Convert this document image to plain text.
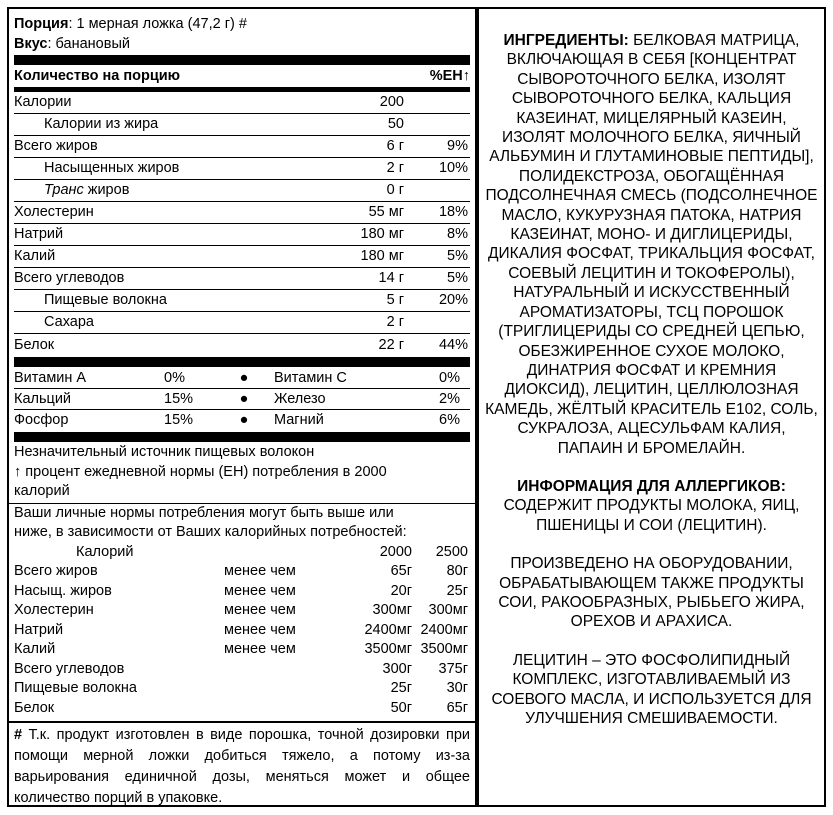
Порция: 1 мерная ложка (47,2 г) #
Вкус: банановый
Количество на порцию	%ЕН↑
Калории	200
Калории из жира	50
Всего жиров	6 г	9%
Насыщенных жиров	2 г	10%
Транс жиров	0 г
Холестерин	55 мг	18%
Натрий	180 мг	8%
Калий	180 мг	5%
Всего углеводов	14 г	5%
Пищевые волокна	5 г	20%
Сахара	2 г
Белок	22 г	44%
Витамин А	0%	●	Витамин С	0%
Кальций	15%	●	Железо	2%
Фосфор	15%	●	Магний	6%
Незначительный источник пищевых волокон
↑ процент ежедневной нормы (ЕН) потребления в 2000
калорий
Ваши личные нормы потребления могут быть выше или
ниже, в зависимости от Ваших калорийных потребностей:
Калорий	2000	2500
Всего жиров	менее чем	65г	80г
Насыщ. жиров	менее чем	20г	25г
Холестерин	менее чем	300мг	300мг
Натрий	менее чем	2400мг 2400мг
Калий	менее чем	3500мг 3500мг
Всего углеводов	300г	375г
Пищевые волокна	25г	30г
Белок	50г	65г
# Т.к. продукт изготовлен в виде порошка, точной дозировки при помощи мерной ложки добиться тяжело, а потому из-за варьирования единичной дозы, меняться может и общее количество порций в упаковке.
ИНГРЕДИЕНТЫ: БЕЛКОВАЯ МАТРИЦА, ВКЛЮЧАЮЩАЯ В СЕБЯ [КОНЦЕНТРАТ СЫВОРОТОЧНОГО БЕЛКА, ИЗОЛЯТ СЫВОРОТОЧНОГО БЕЛКА, КАЛЬЦИЯ КАЗЕИНАТ, МИЦЕЛЯРНЫЙ КАЗЕИН, ИЗОЛЯТ МОЛОЧНОГО БЕЛКА, ЯИЧНЫЙ АЛЬБУМИН И ГЛУТАМИНОВЫЕ ПЕПТИДЫ], ПОЛИДЕКСТРОЗА, ОБОГАЩЁННАЯ ПОДСОЛНЕЧНАЯ СМЕСЬ (ПОДСОЛНЕЧНОЕ МАСЛО, КУКУРУЗНАЯ ПАТОКА, НАТРИЯ КАЗЕИНАТ, МОНО- И ДИГЛИЦЕРИДЫ, ДИКАЛИЯ ФОСФАТ, ТРИКАЛЬЦИЯ ФОСФАТ, СОЕВЫЙ ЛЕЦИТИН И ТОКОФЕРОЛЫ), НАТУРАЛЬНЫЙ И ИСКУССТВЕННЫЙ АРОМАТИЗАТОРЫ, ТСЦ ПОРОШОК (ТРИГЛИЦЕРИДЫ СО СРЕДНЕЙ ЦЕПЬЮ, ОБЕЗЖИРЕННОЕ СУХОЕ МОЛОКО, ДИНАТРИЯ ФОСФАТ И КРЕМНИЯ ДИОКСИД), ЛЕЦИТИН, ЦЕЛЛЮЛОЗНАЯ КАМЕДЬ, ЖЁЛТЫЙ КРАСИТЕЛЬ Е102, СОЛЬ, СУКРАЛОЗА, АЦЕСУЛЬФАМ КАЛИЯ, ПАПАИН И БРОМЕЛАЙН.
ИНФОРМАЦИЯ ДЛЯ АЛЛЕРГИКОВ:
СОДЕРЖИТ ПРОДУКТЫ МОЛОКА, ЯИЦ, ПШЕНИЦЫ И СОИ (ЛЕЦИТИН).
ПРОИЗВЕДЕНО НА ОБОРУДОВАНИИ, ОБРАБАТЫВАЮЩЕМ ТАКЖЕ ПРОДУКТЫ СОИ, РАКООБРАЗНЫХ, РЫБЬЕГО ЖИРА, ОРЕХОВ И АРАХИСА.
ЛЕЦИТИН – ЭТО ФОСФОЛИПИДНЫЙ КОМПЛЕКС, ИЗГОТАВЛИВАЕМЫЙ ИЗ СОЕВОГО МАСЛА, И ИСПОЛЬЗУЕТСЯ ДЛЯ УЛУЧШЕНИЯ СМЕШИВАЕМОСТИ.
